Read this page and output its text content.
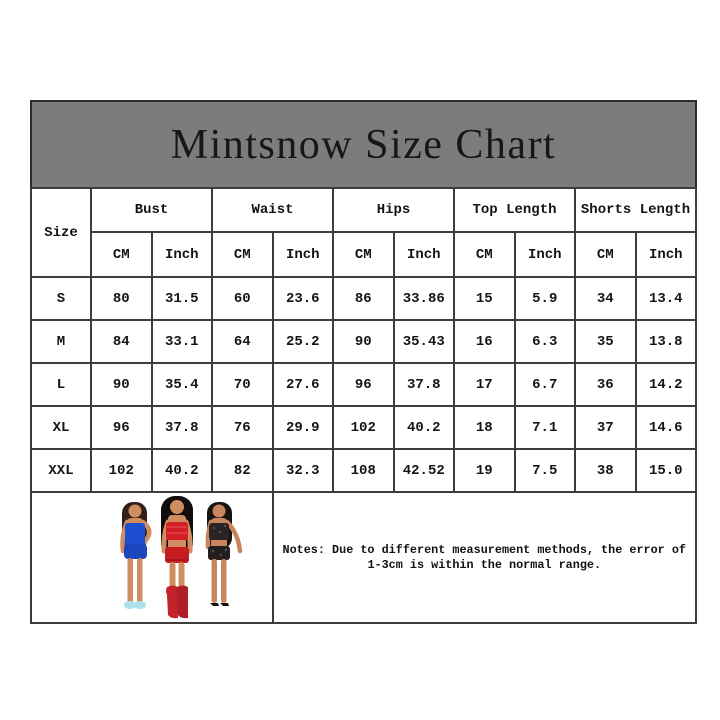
Mintsnow Size Chart
Size	Bust		Waist		Hips		Top Length		Shorts Length	
	CM	Inch	CM	Inch	CM	Inch	CM	Inch	CM	Inch
S	80	31.5	60	23.6	86	33.86	15	5.9	34	13.4
M	84	33.1	64	25.2	90	35.43	16	6.3	35	13.8
L	90	35.4	70	27.6	96	37.8	17	6.7	36	14.2
XL	96	37.8	76	29.9	102	40.2	18	7.1	37	14.6
XXL	102	40.2	82	32.3	108	42.52	19	7.5	38	15.0

Notes: Due to different measurement methods, the error of
1-3cm is within the normal range.						
